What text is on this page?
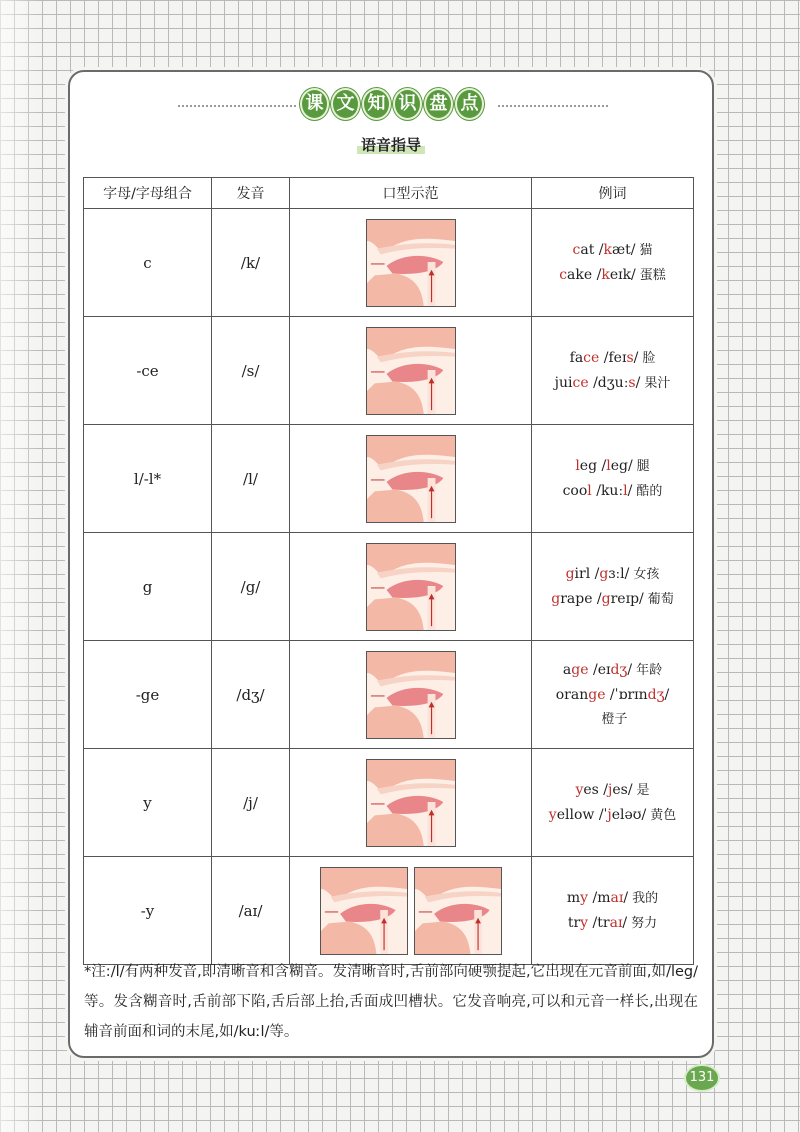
课 文 知 识 盘 点
语音指导
字母/字母组合	发音	口型示范	例词
c	/k/		cat /kæt/ 猫
cake /keɪk/ 蛋糕

-ce	/s/		face /feɪs/ 脸
juice /dʒuːs/ 果汁

l/-l*	/l/		leg /leg/ 腿
cool /kuːl/ 酷的

g	/g/		girl /gɜːl/ 女孩
grape /greɪp/ 葡萄

-ge	/dʒ/		age /eɪdʒ/ 年龄
orange /ˈɒrɪndʒ/
橙子

y	/j/		yes /jes/ 是
yellow /ˈjeləʊ/ 黄色

-y	/aɪ/		my /maɪ/ 我的
try /traɪ/ 努力
*注:/l/有两种发音,即清晰音和含糊音。发清晰音时,舌前部向硬颚提起,它出现在元音前面,如/leg/等。发含糊音时,舌前部下陷,舌后部上抬,舌面成凹槽状。它发音响亮,可以和元音一样长,出现在辅音前面和词的末尾,如/kuːl/等。
131
